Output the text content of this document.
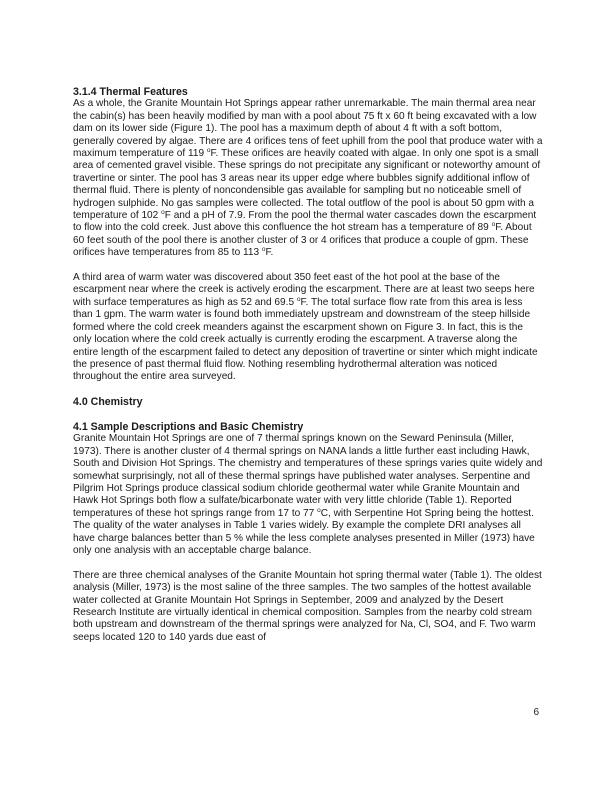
3.1.4 Thermal Features

As a whole, the Granite Mountain Hot Springs appear rather unremarkable. The main thermal area near the cabin(s) has been heavily modified by man with a pool about 75 ft x 60 ft being excavated with a low dam on its lower side (Figure 1). The pool has a maximum depth of about 4 ft with a soft bottom, generally covered by algae. There are 4 orifices tens of feet uphill from the pool that produce water with a maximum temperature of 119 $^o$F. These orifices are heavily coated with algae. In only one spot is a small area of cemented gravel visible. These springs do not precipitate any significant or noteworthy amount of travertine or sinter. The pool has 3 areas near its upper edge where bubbles signify additional inflow of thermal fluid. There is plenty of noncondensible gas available for sampling but no noticeable smell of hydrogen sulphide. No gas samples were collected. The total outflow of the pool is about 50 gpm with a temperature of 102 $^o$F and a pH of 7.9. From the pool the thermal water cascades down the escarpment to flow into the cold creek. Just above this confluence the hot stream has a temperature of 89 $^o$F. About 60 feet south of the pool there is another cluster of 3 or 4 orifices that produce a couple of gpm. These orifices have temperatures from 85 to 113 $^o$F.

A third area of warm water was discovered about 350 feet east of the hot pool at the base of the escarpment near where the creek is actively eroding the escarpment. There are at least two seeps here with surface temperatures as high as 52 and 69.5 $^o$F. The total surface flow rate from this area is less than 1 gpm. The warm water is found both immediately upstream and downstream of the steep hillside formed where the cold creek meanders against the escarpment shown on Figure 3. In fact, this is the only location where the cold creek actually is currently eroding the escarpment. A traverse along the entire length of the escarpment failed to detect any deposition of travertine or sinter which might indicate the presence of past thermal fluid flow. Nothing resembling hydrothermal alteration was noticed throughout the entire area surveyed.

4.0 Chemistry

4.1 Sample Descriptions and Basic Chemistry

Granite Mountain Hot Springs are one of 7 thermal springs known on the Seward Peninsula (Miller, 1973). There is another cluster of 4 thermal springs on NANA lands a little further east including Hawk, South and Division Hot Springs. The chemistry and temperatures of these springs varies quite widely and somewhat surprisingly, not all of these thermal springs have published water analyses. Serpentine and Pilgrim Hot Springs produce classical sodium chloride geothermal water while Granite Mountain and Hawk Hot Springs both flow a sulfate/bicarbonate water with very little chloride (Table 1). Reported temperatures of these hot springs range from 17 to 77 $^o$C, with Serpentine Hot Spring being the hottest. The quality of the water analyses in Table 1 varies widely. By example the complete DRI analyses all have charge balances better than 5 % while the less complete analyses presented in Miller (1973) have only one analysis with an acceptable charge balance.

There are three chemical analyses of the Granite Mountain hot spring thermal water (Table 1). The oldest analysis (Miller, 1973) is the most saline of the three samples. The two samples of the hottest available water collected at Granite Mountain Hot Springs in September, 2009 and analyzed by the Desert Research Institute are virtually identical in chemical composition. Samples from the nearby cold stream both upstream and downstream of the thermal springs were analyzed for Na, Cl, SO4, and F. Two warm seeps located 120 to 140 yards due east of

6
